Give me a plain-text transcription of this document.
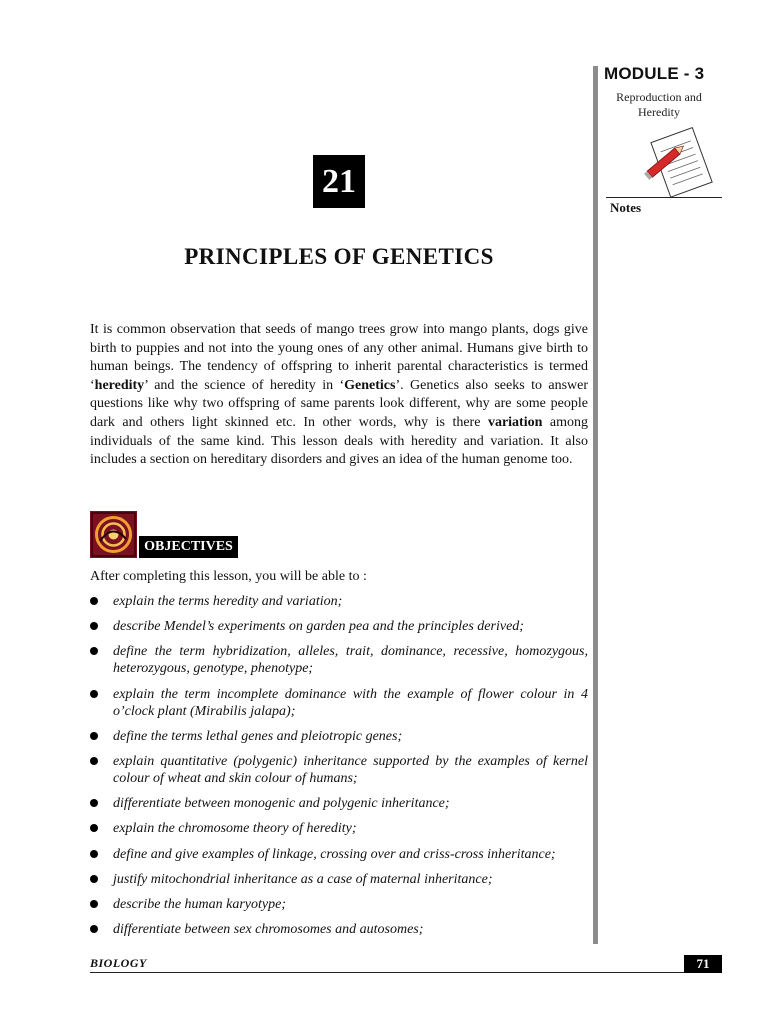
MODULE - 3
Reproduction and
Heredity
Notes
21
PRINCIPLES OF GENETICS

It is common observation that seeds of mango trees grow into mango plants, dogs give birth to puppies and not into the young ones of any other animal. Humans give birth to human beings. The tendency of offspring to inherit parental characteristics is termed ‘heredity’ and the science of heredity in ‘Genetics’. Genetics also seeks to answer questions like why two offspring of same parents look different, why are some people dark and others light skinned etc. In other words, why is there variation among individuals of the same kind. This lesson deals with heredity and variation. It also includes a section on hereditary disorders and gives an idea of the human genome too.

OBJECTIVES
After completing this lesson, you will be able to :
explain the terms heredity and variation;
describe Mendel’s experiments on garden pea and the principles derived;
define the term hybridization, alleles, trait, dominance, recessive, homozygous, heterozygous, genotype, phenotype;
explain the term incomplete dominance with the example of flower colour in 4 o’clock plant (Mirabilis jalapa);
define the terms lethal genes and pleiotropic genes;
explain quantitative (polygenic) inheritance supported by the examples of kernel colour of wheat and skin colour of humans;
differentiate between monogenic and polygenic inheritance;
explain the chromosome theory of heredity;
define and give examples of linkage, crossing over and criss-cross inheritance;
justify mitochondrial inheritance as a case of maternal inheritance;
describe the human karyotype;
differentiate between sex chromosomes and autosomes;
BIOLOGY	71
